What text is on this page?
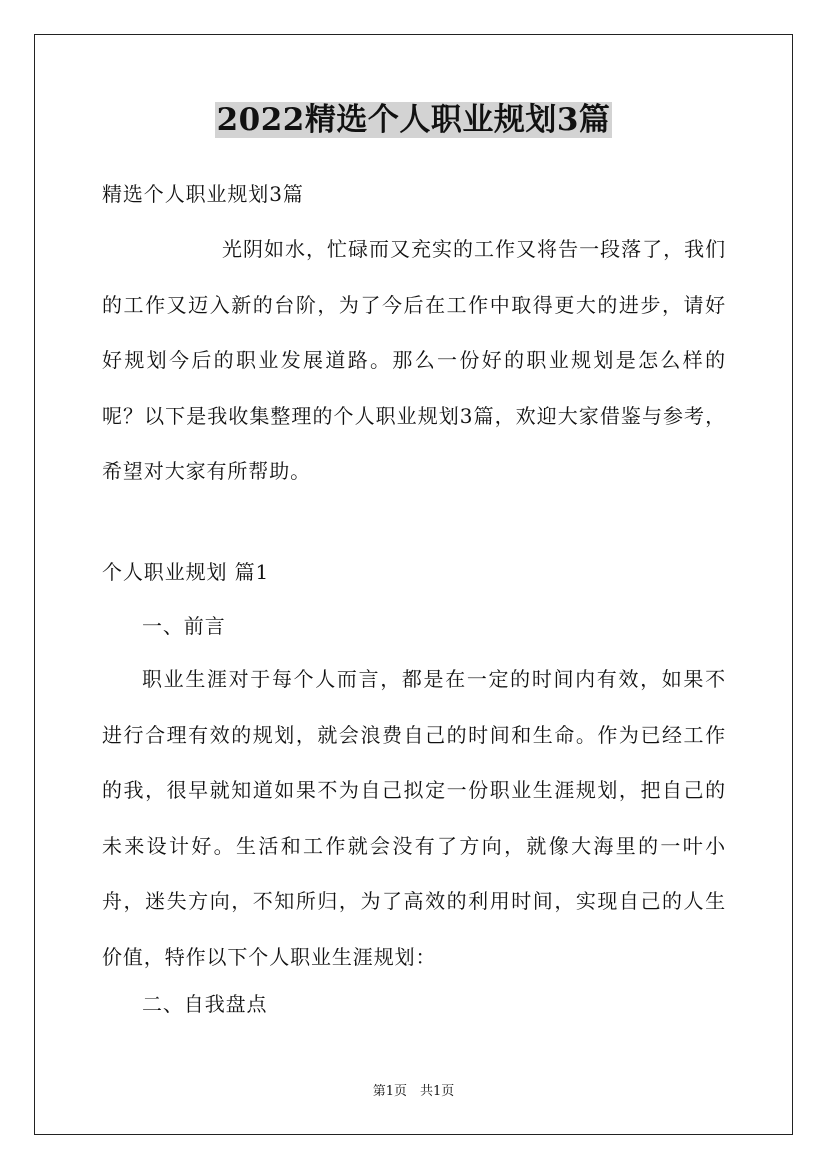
2022精选个人职业规划3篇

精选个人职业规划3篇

光阴如水，忙碌而又充实的工作又将告一段落了，我们的工作又迈入新的台阶，为了今后在工作中取得更大的进步，请好好规划今后的职业发展道路。那么一份好的职业规划是怎么样的呢？以下是我收集整理的个人职业规划3篇，欢迎大家借鉴与参考，希望对大家有所帮助。

个人职业规划 篇1

一、前言

职业生涯对于每个人而言，都是在一定的时间内有效，如果不进行合理有效的规划，就会浪费自己的时间和生命。作为已经工作的我，很早就知道如果不为自己拟定一份职业生涯规划，把自己的未来设计好。生活和工作就会没有了方向，就像大海里的一叶小舟，迷失方向，不知所归，为了高效的利用时间，实现自己的人生价值，特作以下个人职业生涯规划：

二、自我盘点

第1页　共1页
